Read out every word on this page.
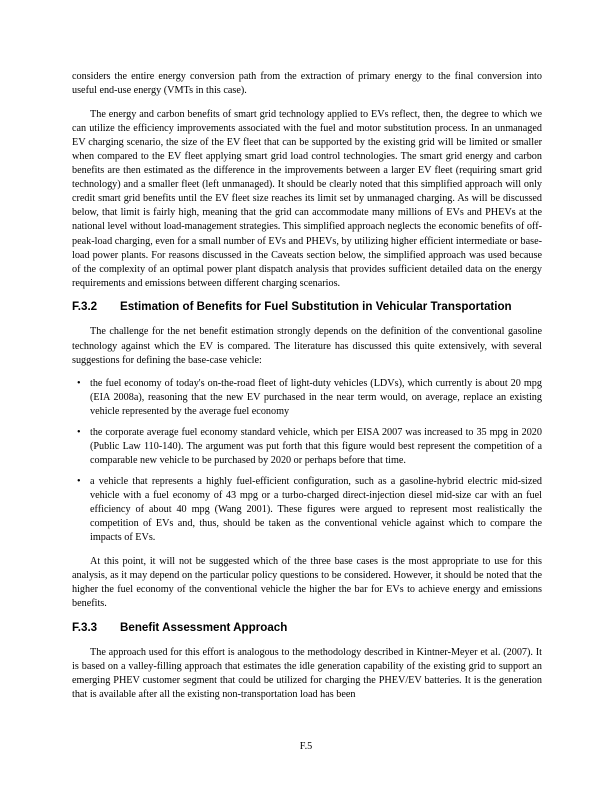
considers the entire energy conversion path from the extraction of primary energy to the final conversion into useful end-use energy (VMTs in this case).

The energy and carbon benefits of smart grid technology applied to EVs reflect, then, the degree to which we can utilize the efficiency improvements associated with the fuel and motor substitution process. In an unmanaged EV charging scenario, the size of the EV fleet that can be supported by the existing grid will be limited or smaller when compared to the EV fleet applying smart grid load control technologies. The smart grid energy and carbon benefits are then estimated as the difference in the improvements between a larger EV fleet (requiring smart grid technology) and a smaller fleet (left unmanaged). It should be clearly noted that this simplified approach will only credit smart grid benefits until the EV fleet size reaches its limit set by unmanaged charging. As will be discussed below, that limit is fairly high, meaning that the grid can accommodate many millions of EVs and PHEVs at the national level without load-management strategies. This simplified approach neglects the economic benefits of off-peak-load charging, even for a small number of EVs and PHEVs, by utilizing higher efficient intermediate or base-load power plants. For reasons discussed in the Caveats section below, the simplified approach was used because of the complexity of an optimal power plant dispatch analysis that provides sufficient detailed data on the energy requirements and emissions between different charging scenarios.

F.3.2	Estimation of Benefits for Fuel Substitution in Vehicular Transportation

The challenge for the net benefit estimation strongly depends on the definition of the conventional gasoline technology against which the EV is compared. The literature has discussed this quite extensively, with several suggestions for defining the base-case vehicle:

• the fuel economy of today's on-the-road fleet of light-duty vehicles (LDVs), which currently is about 20 mpg (EIA 2008a), reasoning that the new EV purchased in the near term would, on average, replace an existing vehicle represented by the average fuel economy
• the corporate average fuel economy standard vehicle, which per EISA 2007 was increased to 35 mpg in 2020 (Public Law 110-140). The argument was put forth that this figure would best represent the competition of a comparable new vehicle to be purchased by 2020 or perhaps before that time.
• a vehicle that represents a highly fuel-efficient configuration, such as a gasoline-hybrid electric mid-sized vehicle with a fuel economy of 43 mpg or a turbo-charged direct-injection diesel mid-size car with an fuel efficiency of about 40 mpg (Wang 2001). These figures were argued to represent most realistically the competition of EVs and, thus, should be taken as the conventional vehicle against which to compare the impacts of EVs.

At this point, it will not be suggested which of the three base cases is the most appropriate to use for this analysis, as it may depend on the particular policy questions to be considered. However, it should be noted that the higher the fuel economy of the conventional vehicle the higher the bar for EVs to achieve energy and emissions benefits.

F.3.3	Benefit Assessment Approach

The approach used for this effort is analogous to the methodology described in Kintner-Meyer et al. (2007). It is based on a valley-filling approach that estimates the idle generation capability of the existing grid to support an emerging PHEV customer segment that could be utilized for charging the PHEV/EV batteries. It is the generation that is available after all the existing non-transportation load has been

F.5
